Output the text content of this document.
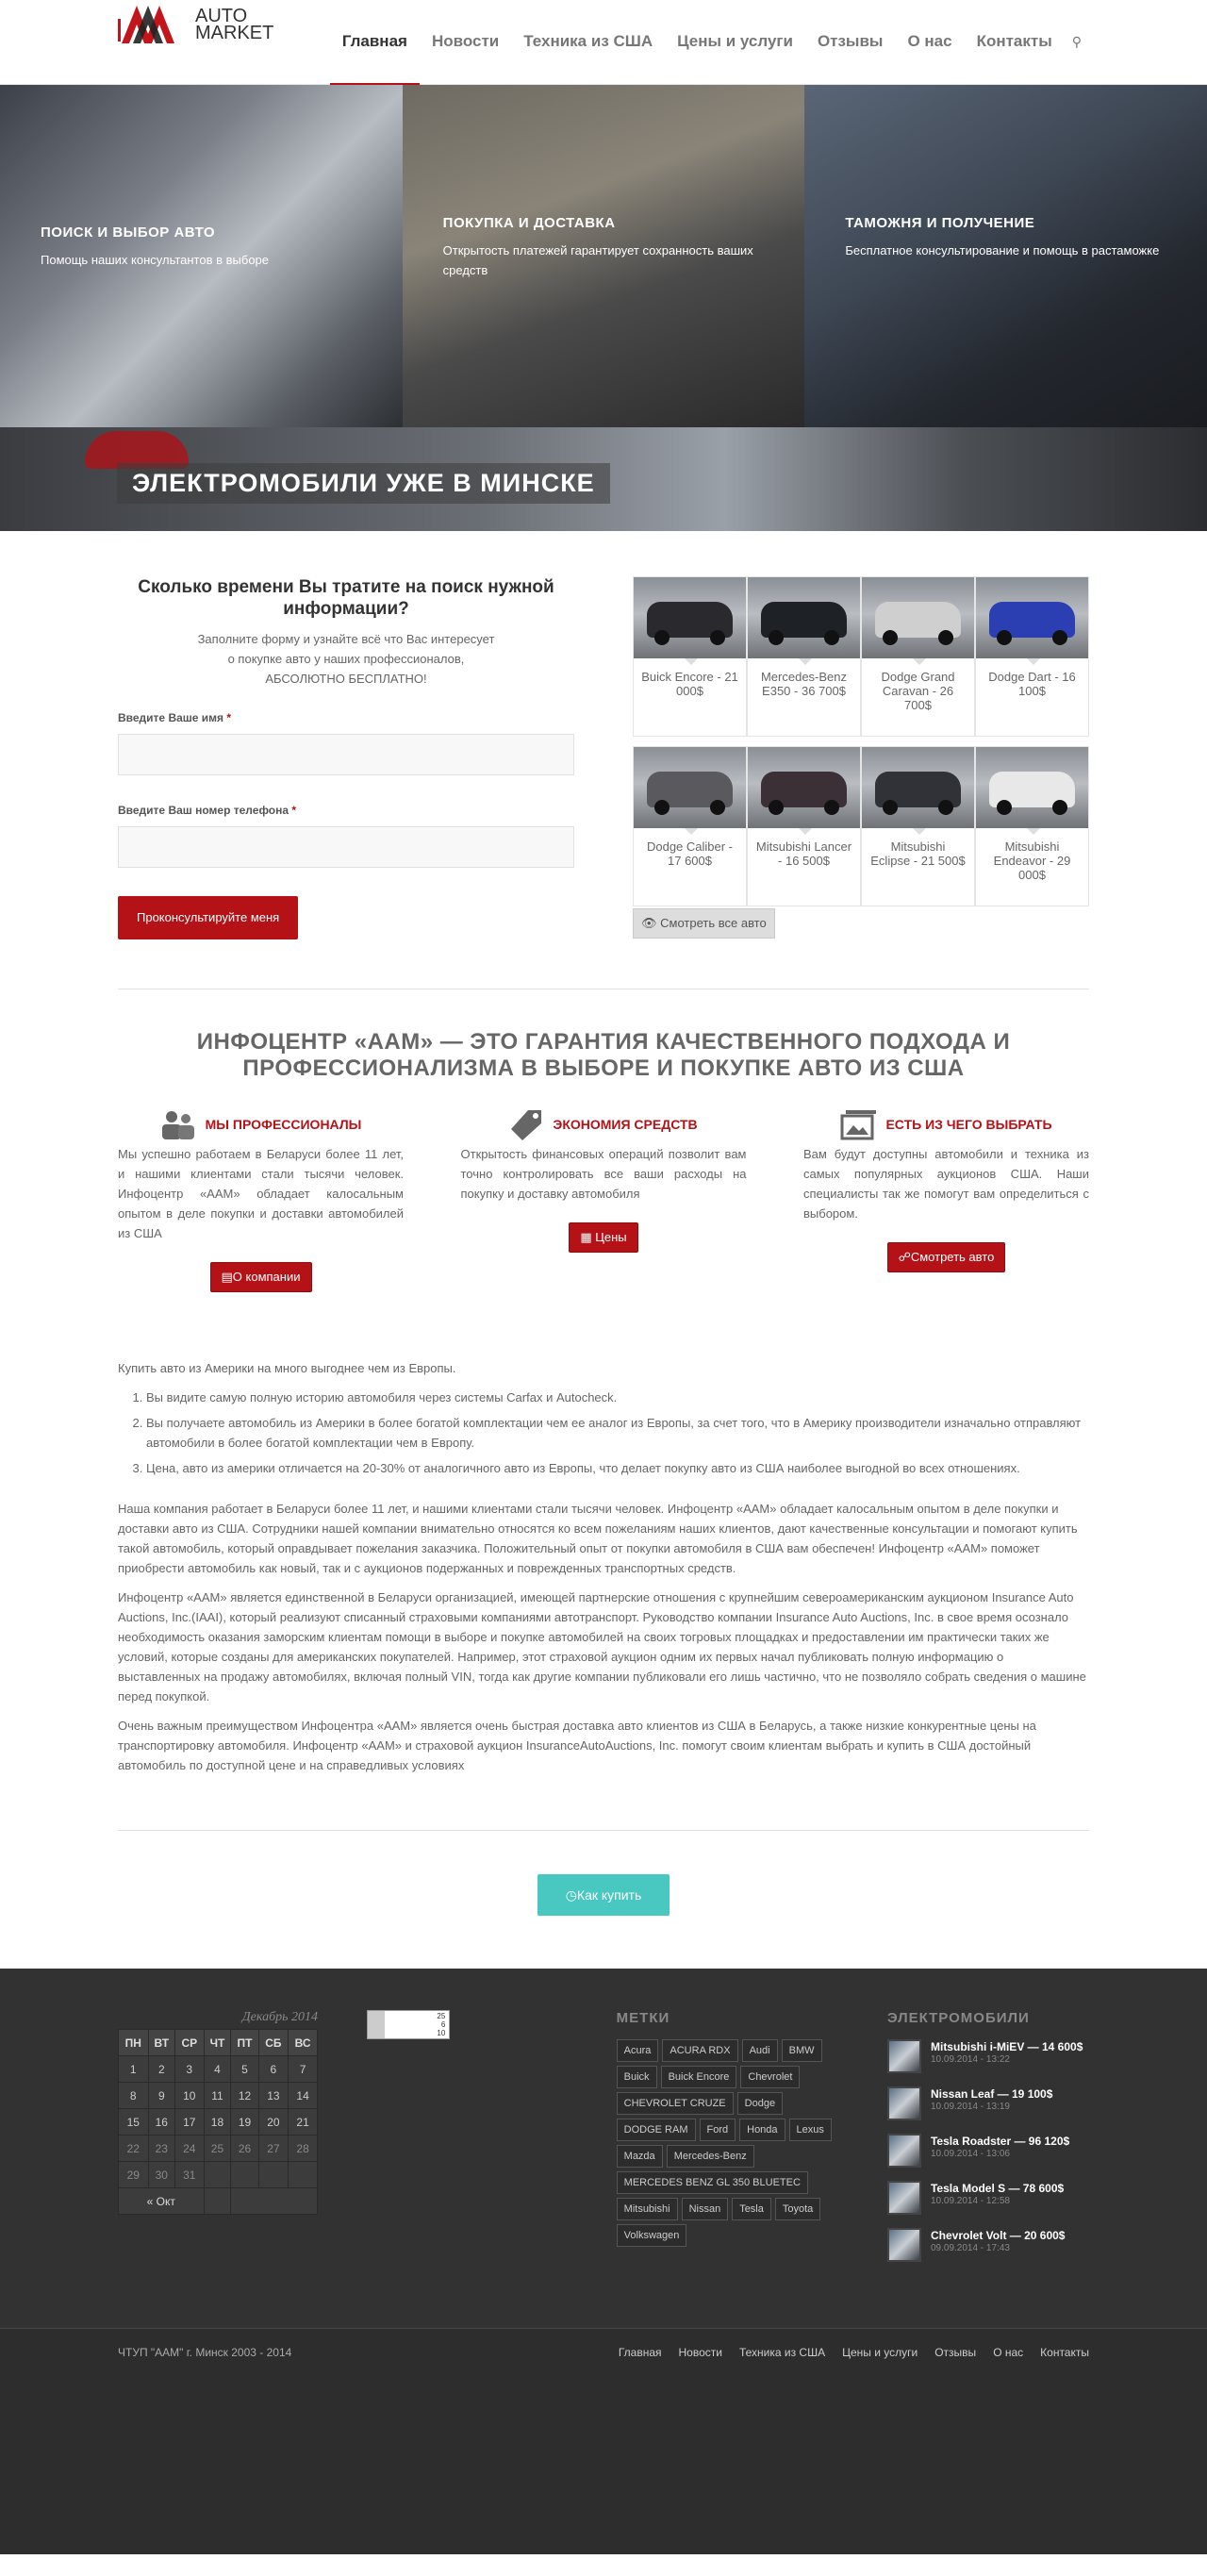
AUTO
MARKET	Главная	Новости	Техника из США	Цены и услуги	Отзывы	О нас	Контакты	⚲
ПОИСК И ВЫБОР АВТО

Помощь наших консультантов в выборе

ПОКУПКА И ДОСТАВКА

Открытость платежей гарантирует сохранность ваших средств

ТАМОЖНЯ И ПОЛУЧЕНИЕ

Бесплатное консультирование и помощь в растаможке

ЭЛЕКТРОМОБИЛИ УЖЕ В МИНСКЕ
Сколько времени Вы тратите на поиск нужной информации?
Заполните форму и узнайте всё что Вас интересует
о покупке авто у наших профессионалов,
АБСОЛЮТНО БЕСПЛАТНО!
Введите Ваше имя *
Введите Ваш номер телефона *
Проконсультируйте меня
Buick Encore - 21 000$
Mercedes-Benz E350 - 36 700$
Dodge Grand Caravan - 26 700$
Dodge Dart - 16 100$
Dodge Caliber - 17 600$
Mitsubishi Lancer - 16 500$
Mitsubishi Eclipse - 21 500$
Mitsubishi Endeavor - 29 000$
👁 Смотреть все авто
ИНФОЦЕНТР «ААМ» — ЭТО ГАРАНТИЯ КАЧЕСТВЕННОГО ПОДХОДА И ПРОФЕССИОНАЛИЗМА В ВЫБОРЕ И ПОКУПКЕ АВТО ИЗ США
МЫ ПРОФЕССИОНАЛЫ

Мы успешно работаем в Беларуси более 11 лет, и нашими клиентами стали тысячи человек. Инфоцентр «ААМ» обладает калосальным опытом в деле покупки и доставки автомобилей из США

▤О компании
ЭКОНОМИЯ СРЕДСТВ

Открытость финансовых операций позволит вам точно контролировать все ваши расходы на покупку и доставку автомобиля

▦ Цены
ЕСТЬ ИЗ ЧЕГО ВЫБРАТЬ

Вам будут доступны автомобили и техника из самых популярных аукционов США. Наши специалисты так же помогут вам определиться с выбором.

☍Смотреть авто

Купить авто из Америки на много выгоднее чем из Европы.

1. Вы видите самую полную историю автомобиля через системы Carfax и Autocheck.
2. Вы получаете автомобиль из Америки в более богатой комплектации чем ее аналог из Европы, за счет того, что в Америку производители изначально отправляют автомобили в более богатой комплектации чем в Европу.
3. Цена, авто из америки отличается на 20-30% от аналогичного авто из Европы, что делает покупку авто из США наиболее выгодной во всех отношениях.

Наша компания работает в Беларуси более 11 лет, и нашими клиентами стали тысячи человек. Инфоцентр «ААМ» обладает калосальным опытом в деле покупки и доставки авто из США. Сотрудники нашей компании внимательно относятся ко всем пожеланиям наших клиентов, дают качественные консультации и помогают купить такой автомобиль, который оправдывает пожелания заказчика. Положительный опыт от покупки автомобиля в США вам обеспечен! Инфоцентр «ААМ» поможет приобрести автомобиль как новый, так и с аукционов подержанных и поврежденных транспортных средств.

Инфоцентр «ААМ» является единственной в Беларуси организацией, имеющей партнерские отношения с крупнейшим североамериканским аукционом Insurance Auto Auctions, Inc.(IAAI), который реализуют списанный страховыми компаниями автотранспорт. Руководство компании Insurance Auto Auctions, Inc. в свое время осознало необходимость оказания заморским клиентам помощи в выборе и покупке автомобилей на своих тогровых площадках и предоставлении им практически таких же условий, которые созданы для американских покупателей. Например, этот страховой аукцион одним их первых начал публиковать полную информацию о выставленных на продажу автомобилях, включая полный VIN, тогда как другие компании публиковали его лишь частично, что не позволяло собрать сведения о машине перед покупкой.

Очень важным преимуществом Инфоцентра «ААМ» является очень быстрая доставка авто клиентов из США в Беларусь, а также низкие конкурентные цены на транспортировку автомобиля. Инфоцентр «ААМ» и страховой аукцион InsuranceAutoAuctions, Inc. помогут своим клиентам выбрать и купить в США достойный автомобиль по доступной цене и на справедливых условиях

◷Как купить
Декабрь 2014
ПН	ВТ	СР	ЧТ	ПТ	СБ	ВС
1	2	3	4	5	6	7
8	9	10	11	12	13	14
15	16	17	18	19	20	21
22	23	24	25	26	27	28
29	30	31				
« Окт						
25
6
10
МЕТКИ
Acura	ACURA RDX	Audi	BMW
Buick	Buick Encore	Chevrolet
CHEVROLET CRUZE	Dodge
DODGE RAM	Ford	Honda	Lexus
Mazda	Mercedes-Benz
MERCEDES BENZ GL 350 BLUETEC
Mitsubishi	Nissan	Tesla	Toyota
Volkswagen
ЭЛЕКТРОМОБИЛИ
Mitsubishi i-MiEV — 14 600$
10.09.2014 - 13:22
Nissan Leaf — 19 100$
10.09.2014 - 13:19
Tesla Roadster — 96 120$
10.09.2014 - 13:06
Tesla Model S — 78 600$
10.09.2014 - 12:58
Chevrolet Volt — 20 600$
09.09.2014 - 17:43
ЧТУП "ААМ" г. Минск 2003 - 2014	Главная Новости Техника из США Цены и услуги Отзывы О нас Контакты
